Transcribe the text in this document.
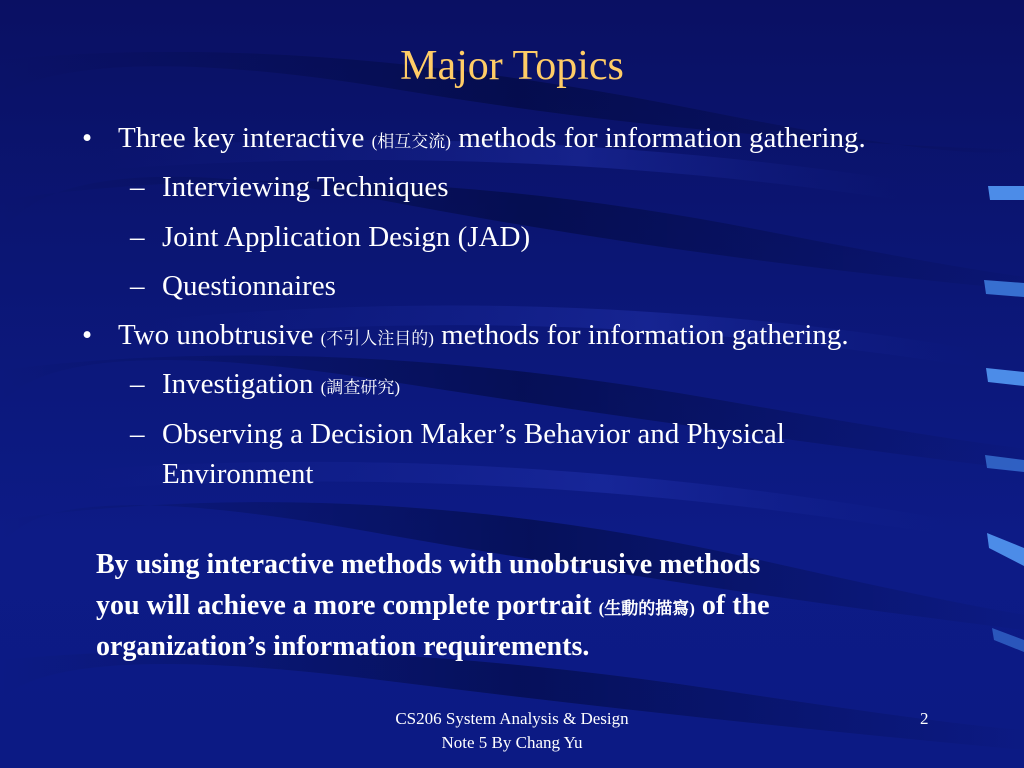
Major Topics
• Three key interactive (相互交流) methods for information gathering.
– Interviewing Techniques
– Joint Application Design (JAD)
– Questionnaires
• Two unobtrusive (不引人注目的) methods for information gathering.
– Investigation (調查研究)
– Observing a Decision Maker’s Behavior and Physical
Environment
By using interactive methods with unobtrusive methods
you will achieve a more complete portrait (生動的描寫) of the
organization’s information requirements.
CS206 System Analysis & Design
Note 5 By Chang Yu
2
